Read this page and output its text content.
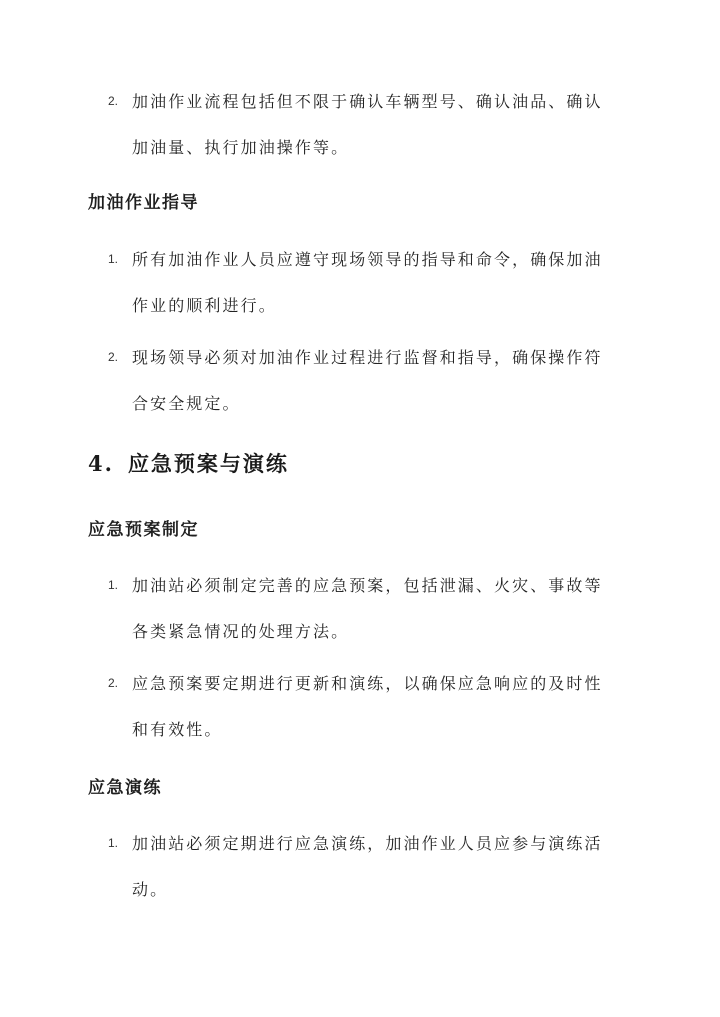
2. 加油作业流程包括但不限于确认车辆型号、确认油品、确认
加油量、执行加油操作等。
加油作业指导
1. 所有加油作业人员应遵守现场领导的指导和命令，确保加油
作业的顺利进行。
2. 现场领导必须对加油作业过程进行监督和指导，确保操作符
合安全规定。
4. 应急预案与演练
应急预案制定
1. 加油站必须制定完善的应急预案，包括泄漏、火灾、事故等
各类紧急情况的处理方法。
2. 应急预案要定期进行更新和演练，以确保应急响应的及时性
和有效性。
应急演练
1. 加油站必须定期进行应急演练，加油作业人员应参与演练活
动。
